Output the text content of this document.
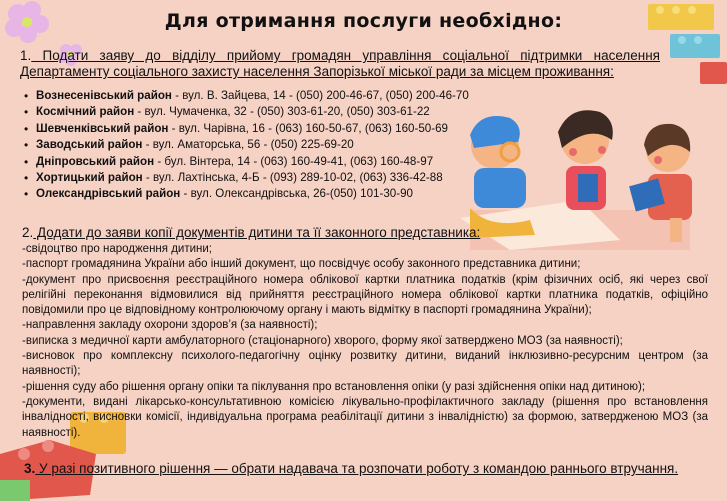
Для отримання послуги необхідно:
1. Подати заяву до відділу прийому громадян управління соціальної підтримки населення Департаменту соціального захисту населення Запорізької міської ради за місцем проживання:
• Вознесенівський район - вул. В. Зайцева, 14 - (050) 200-46-67, (050) 200-46-70
• Космічний район - вул. Чумаченка, 32 - (050) 303-61-20, (050) 303-61-22
• Шевченківський район - вул. Чарівна, 16 - (063) 160-50-67, (063) 160-50-69
• Заводський район - вул. Аматорська, 56 - (050) 225-69-20
• Дніпровський район - бул. Вінтера, 14 - (063) 160-49-41, (063) 160-48-97
• Хортицький район - вул. Лахтінська, 4-Б - (093) 289-10-02, (063) 336-42-88
• Олександрівський район - вул. Олександрівська, 26-(050) 101-30-90
2. Додати до заяви копії документів дитини та її законного представника:
-свідоцтво про народження дитини;
-паспорт громадянина України або інший документ, що посвідчує особу законного представника дитини;
-документ про присвоєння реєстраційного номера облікової картки платника податків (крім фізичних осіб, які через свої релігійні переконання відмовилися від прийняття реєстраційного номера облікової картки платника податків, офіційно повідомили про це відповідному контролюючому органу і мають відмітку в паспорті громадянина України);
-направлення закладу охорони здоров’я (за наявності);
-виписка з медичної карти амбулаторного (стаціонарного) хворого, форму якої затверджено МОЗ (за наявності);
-висновок про комплексну психолого-педагогічну оцінку розвитку дитини, виданий інклюзивно-ресурсним центром (за наявності);
-рішення суду або рішення органу опіки та піклування про встановлення опіки (у разі здійснення опіки над дитиною);
-документи, видані лікарсько-консультативною комісією лікувально-профілактичного закладу (рішення про встановлення інвалідності, висновки комісії, індивідуальна програма реабілітації дитини з інвалідністю) за формою, затвердженою МОЗ (за наявності).
3. У разі позитивного рішення — обрати надавача та розпочати роботу з командою раннього втручання.
